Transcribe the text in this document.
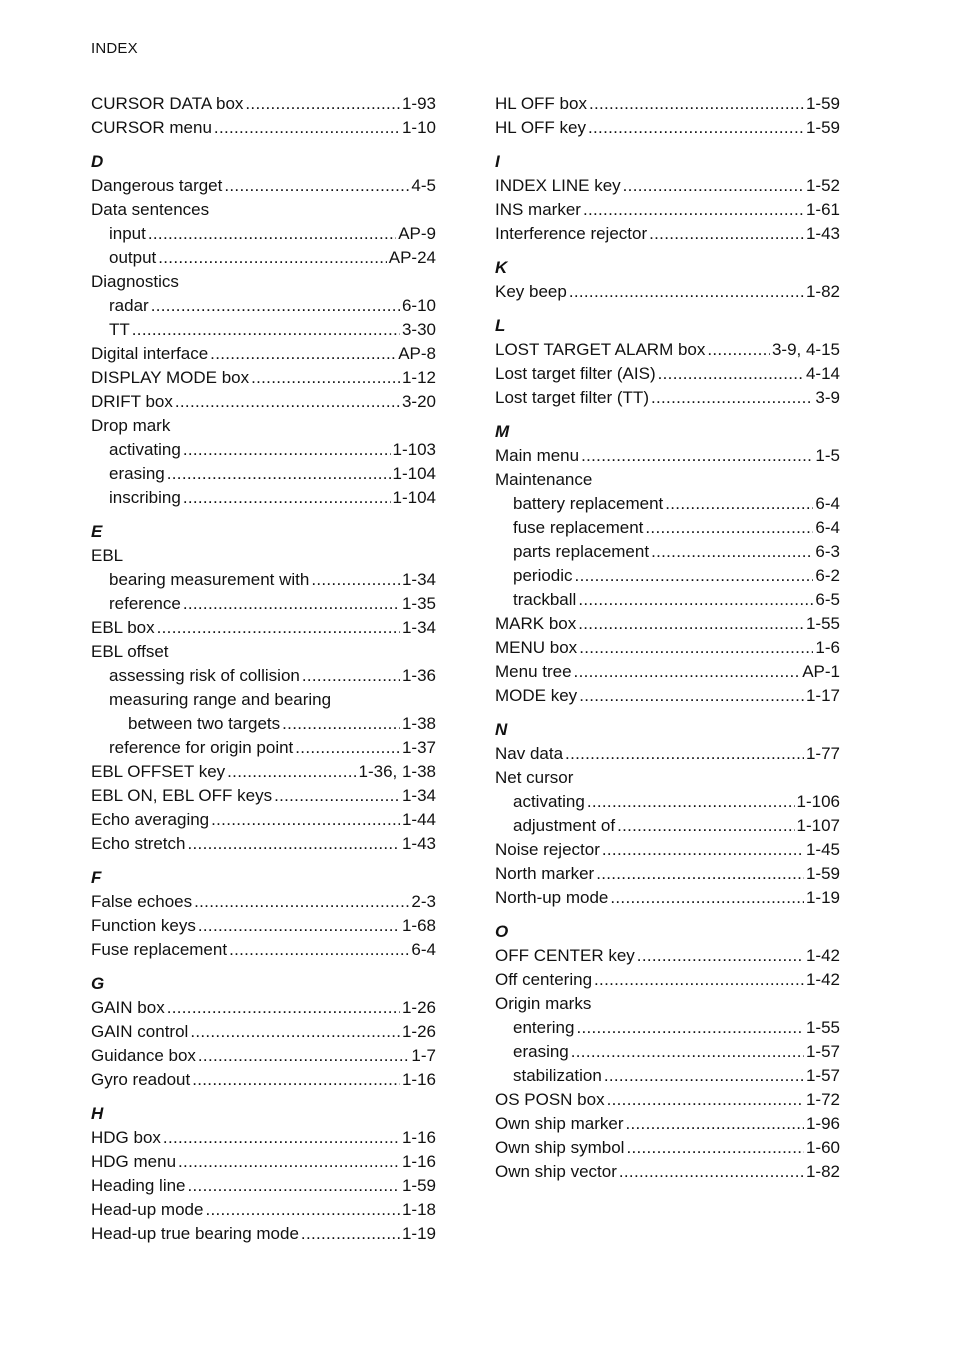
INDEX
CURSOR DATA box .....	1-93
CURSOR menu .....	1-10
D
Dangerous target .....	4-5
Data sentences
input .....	AP-9
output .....	AP-24
Diagnostics
radar .....	6-10
TT .....	3-30
Digital interface .....	AP-8
DISPLAY MODE box .....	1-12
DRIFT box .....	3-20
Drop mark
activating .....	1-103
erasing .....	1-104
inscribing .....	1-104
E
EBL
bearing measurement with .....	1-34
reference .....	1-35
EBL box .....	1-34
EBL offset
assessing risk of collision .....	1-36
measuring range and bearing
between two targets .....	1-38
reference for origin point .....	1-37
EBL OFFSET key .....	1-36, 1-38
EBL ON, EBL OFF keys .....	1-34
Echo averaging .....	1-44
Echo stretch .....	1-43
F
False echoes .....	2-3
Function keys .....	1-68
Fuse replacement .....	6-4
G
GAIN box .....	1-26
GAIN control .....	1-26
Guidance box .....	1-7
Gyro readout .....	1-16
H
HDG box .....	1-16
HDG menu .....	1-16
Heading line .....	1-59
Head-up mode .....	1-18
Head-up true bearing mode .....	1-19
HL OFF box .....	1-59
HL OFF key .....	1-59
I
INDEX LINE key .....	1-52
INS marker .....	1-61
Interference rejector .....	1-43
K
Key beep .....	1-82
L
LOST TARGET ALARM box .....	3-9, 4-15
Lost target filter (AIS) .....	4-14
Lost target filter (TT) .....	3-9
M
Main menu .....	1-5
Maintenance
battery replacement .....	6-4
fuse replacement .....	6-4
parts replacement .....	6-3
periodic .....	6-2
trackball .....	6-5
MARK box .....	1-55
MENU box .....	1-6
Menu tree .....	AP-1
MODE key .....	1-17
N
Nav data .....	1-77
Net cursor
activating .....	1-106
adjustment of .....	1-107
Noise rejector .....	1-45
North marker .....	1-59
North-up mode .....	1-19
O
OFF CENTER key .....	1-42
Off centering .....	1-42
Origin marks
entering .....	1-55
erasing .....	1-57
stabilization .....	1-57
OS POSN box .....	1-72
Own ship marker .....	1-96
Own ship symbol .....	1-60
Own ship vector .....	1-82
